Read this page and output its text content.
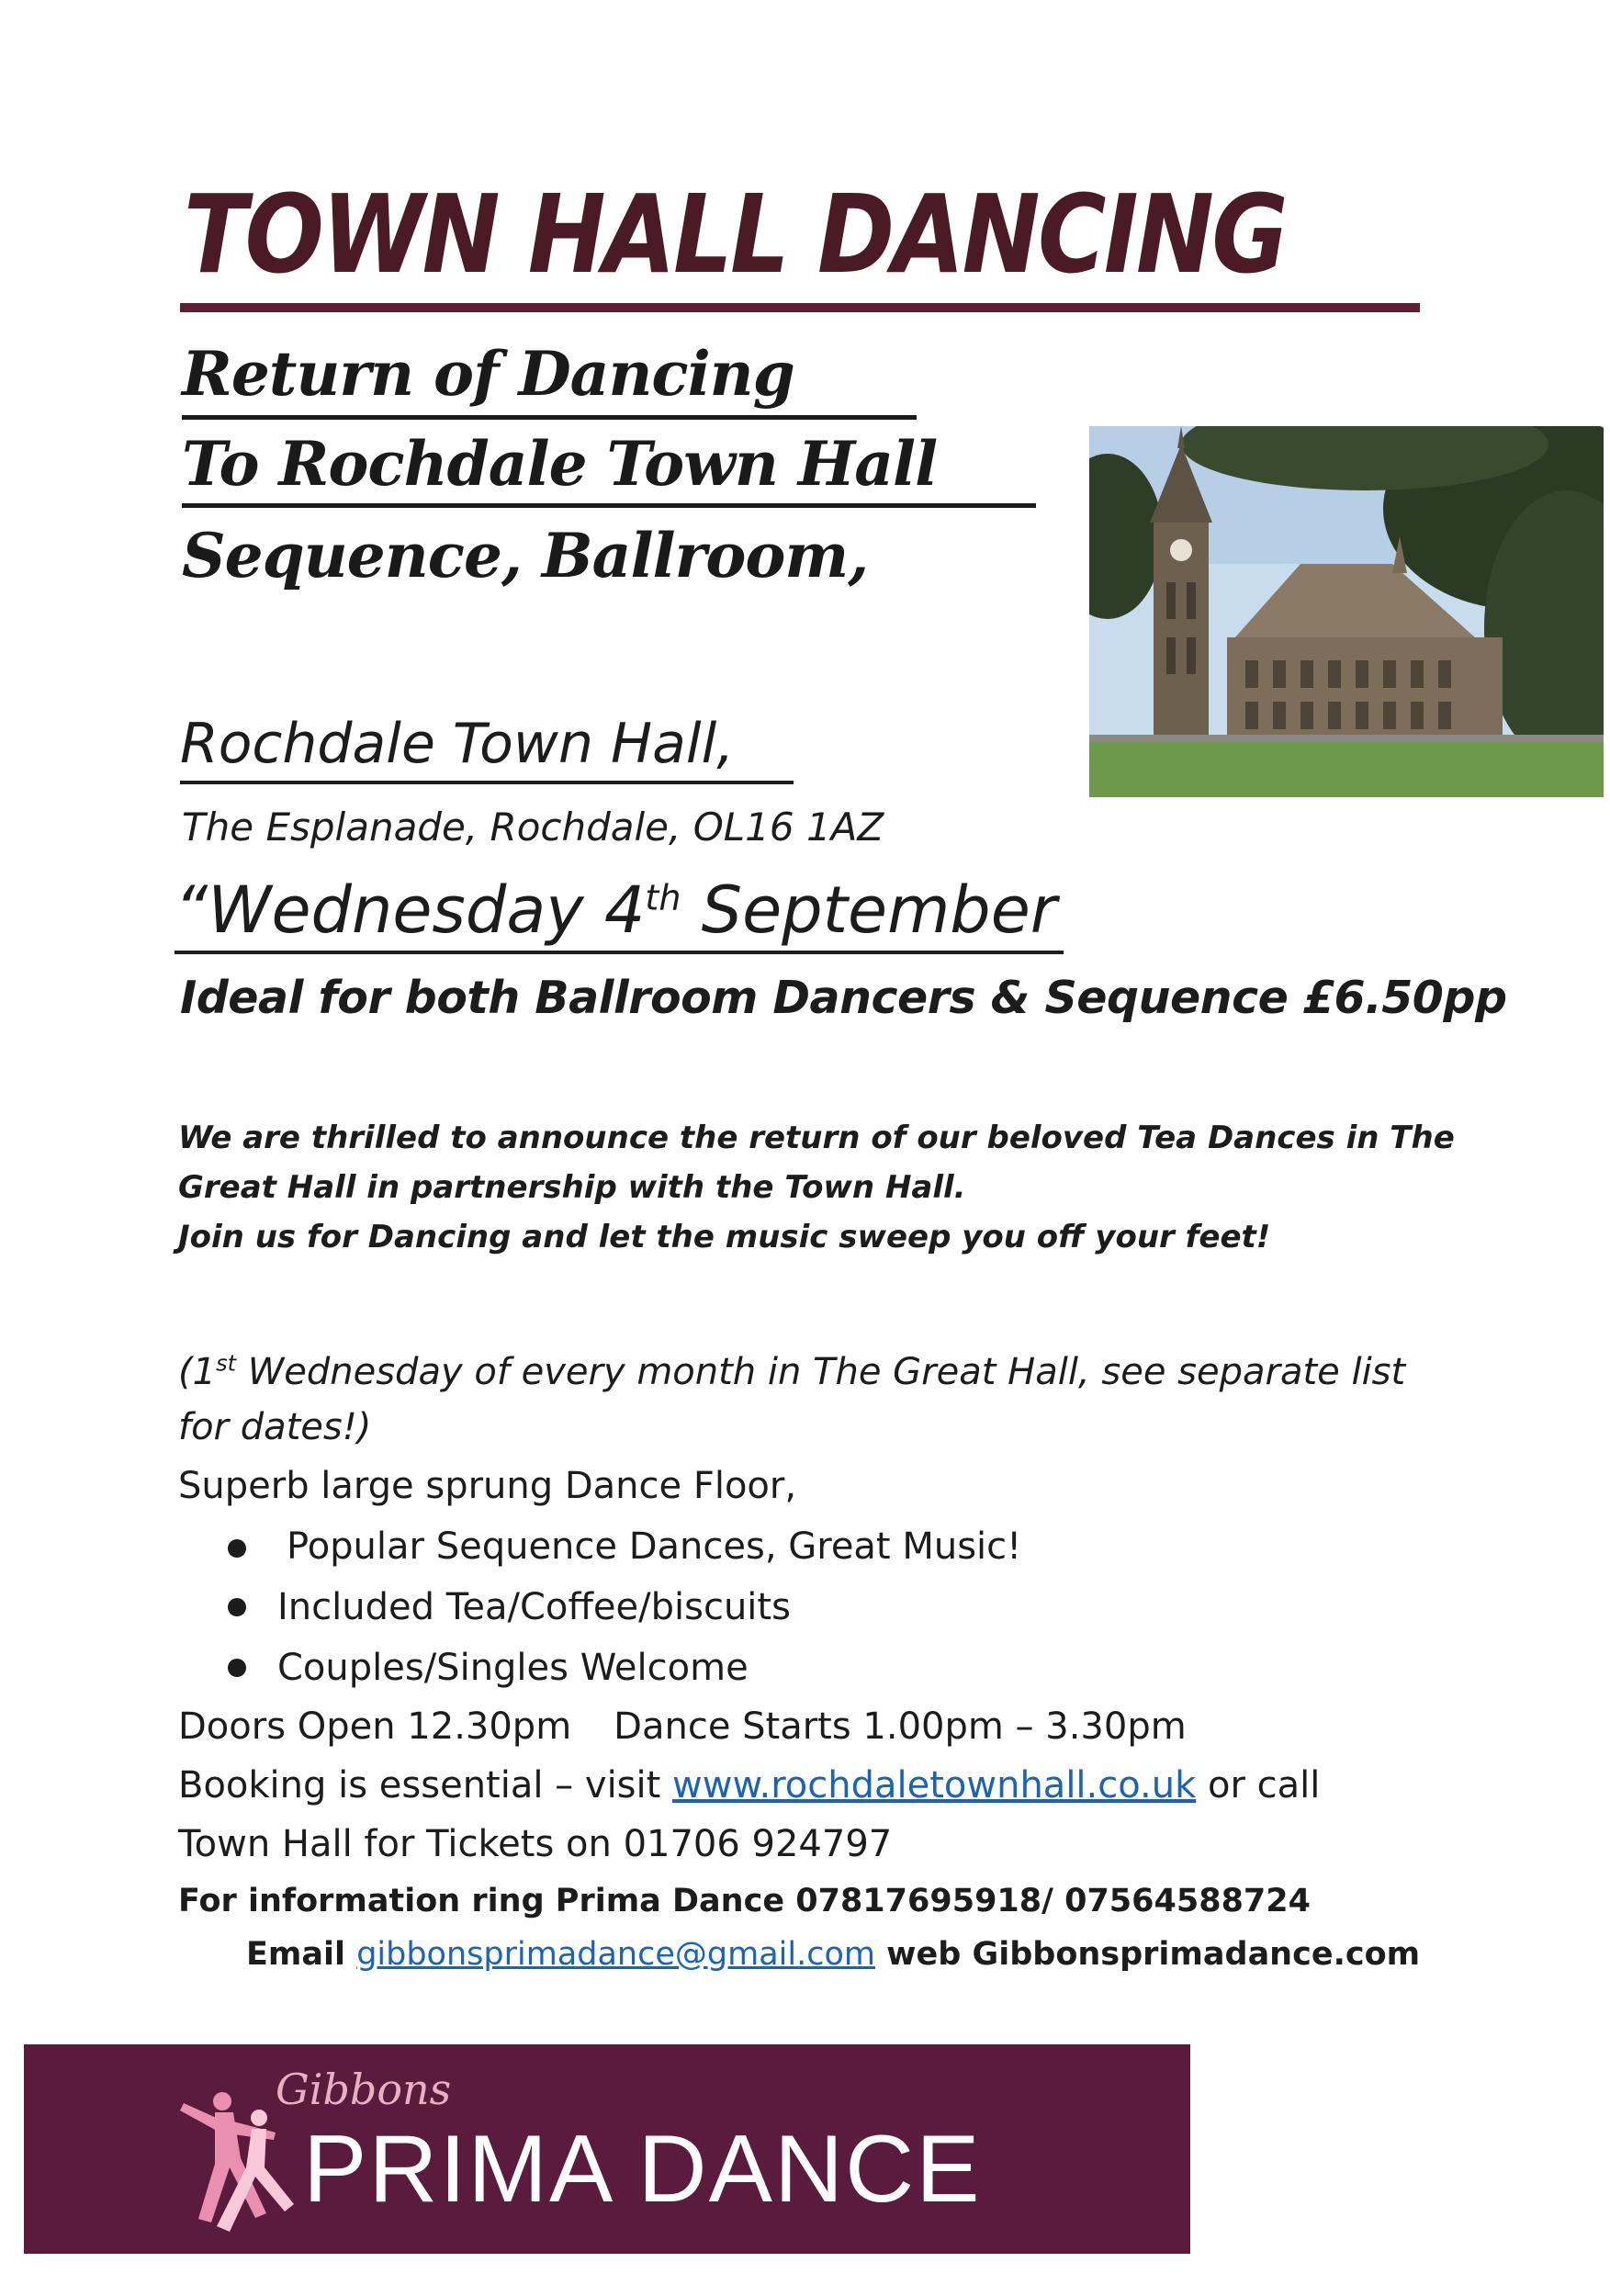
TOWN HALL DANCING
Return of Dancing
To Rochdale Town Hall
Sequence, Ballroom,
Rochdale Town Hall,
The Esplanade, Rochdale, OL16 1AZ
“Wednesday 4th September
Ideal for both Ballroom Dancers & Sequence £6.50pp
We are thrilled to announce the return of our beloved Tea Dances in The
Great Hall in partnership with the Town Hall.
Join us for Dancing and let the music sweep you off your feet!
(1st Wednesday of every month in The Great Hall, see separate list
for dates!)
Superb large sprung Dance Floor,
Popular Sequence Dances, Great Music!
Included Tea/Coffee/biscuits
Couples/Singles Welcome
Doors Open 12.30pm Dance Starts 1.00pm – 3.30pm
Booking is essential – visit www.rochdaletownhall.co.uk or call
Town Hall for Tickets on 01706 924797
For information ring Prima Dance 07817695918/ 07564588724
Email gibbonsprimadance@gmail.com web Gibbonsprimadance.com
Gibbons
PRIMA DANCE
